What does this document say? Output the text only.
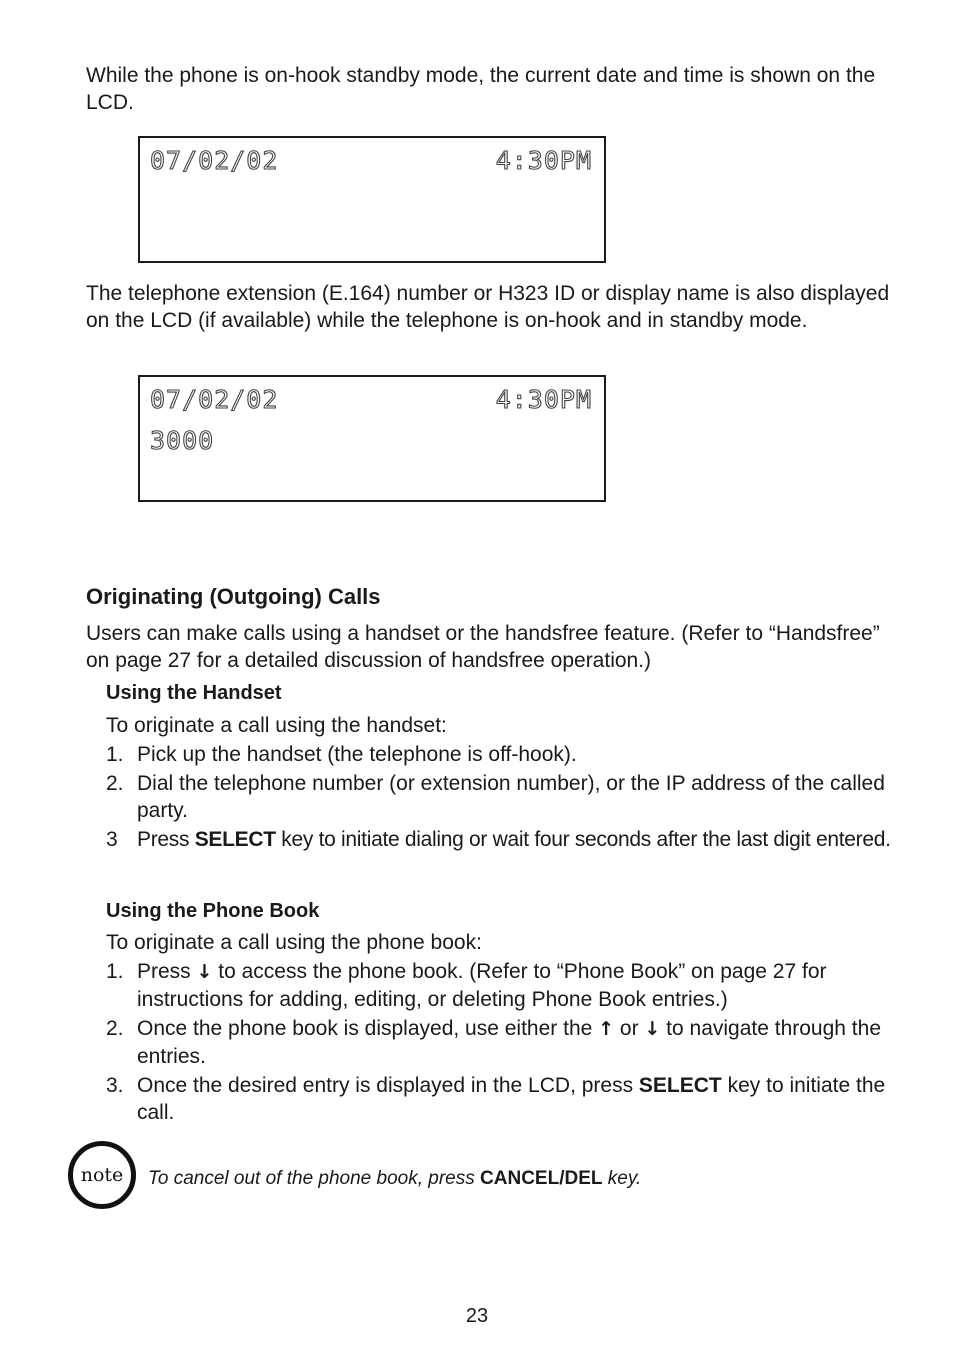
While the phone is on-hook standby mode, the current date and time is shown on the LCD.

07/02/02	4:30PM

The telephone extension (E.164) number or H323 ID or display name is also displayed on the LCD (if available) while the telephone is on-hook and in standby mode.

07/02/02	4:30PM
3000
Originating (Outgoing) Calls

Users can make calls using a handset or the handsfree feature. (Refer to “Handsfree” on page 27 for a detailed discussion of handsfree operation.)

Using the Handset

To originate a call using the handset:

1. Pick up the handset (the telephone is off-hook).
2. Dial the telephone number (or extension number), or the IP address of the called party.
3 Press SELECT key to initiate dialing or wait four seconds after the last digit entered.
Using the Phone Book

To originate a call using the phone book:

1. Press ↓ to access the phone book. (Refer to “Phone Book” on page 27 for instructions for adding, editing, or deleting Phone Book entries.)
2. Once the phone book is displayed, use either the ↑ or ↓ to navigate through the entries.
3. Once the desired entry is displayed in the LCD, press SELECT key to initiate the call.
note	To cancel out of the phone book, press CANCEL/DEL key.

23
